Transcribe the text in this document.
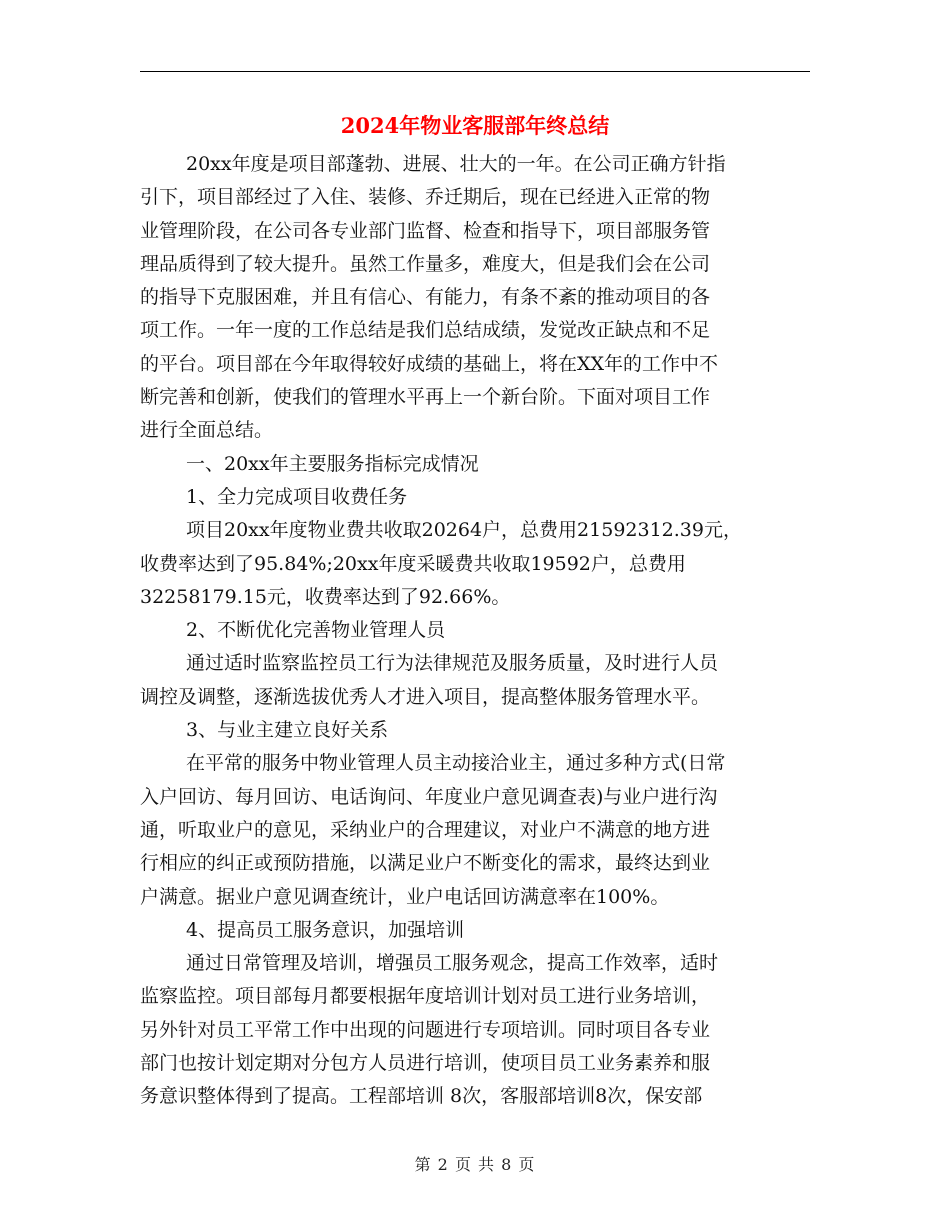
2024年物业客服部年终总结

20xx年度是项目部蓬勃、进展、壮大的一年。在公司正确方针指
引下，项目部经过了入住、装修、乔迁期后，现在已经进入正常的物
业管理阶段，在公司各专业部门监督、检查和指导下，项目部服务管
理品质得到了较大提升。虽然工作量多，难度大，但是我们会在公司
的指导下克服困难，并且有信心、有能力，有条不紊的推动项目的各
项工作。一年一度的工作总结是我们总结成绩，发觉改正缺点和不足
的平台。项目部在今年取得较好成绩的基础上，将在XX年的工作中不
断完善和创新，使我们的管理水平再上一个新台阶。下面对项目工作
进行全面总结。

一、20xx年主要服务指标完成情况

1、全力完成项目收费任务

项目20xx年度物业费共收取20264户，总费用21592312.39元，
收费率达到了95.84%;20xx年度采暖费共收取19592户，总费用
32258179.15元，收费率达到了92.66%。

2、不断优化完善物业管理人员

通过适时监察监控员工行为法律规范及服务质量，及时进行人员
调控及调整，逐渐选拔优秀人才进入项目，提高整体服务管理水平。

3、与业主建立良好关系

在平常的服务中物业管理人员主动接洽业主，通过多种方式(日常
入户回访、每月回访、电话询问、年度业户意见调查表)与业户进行沟
通，听取业户的意见，采纳业户的合理建议，对业户不满意的地方进
行相应的纠正或预防措施，以满足业户不断变化的需求，最终达到业
户满意。据业户意见调查统计，业户电话回访满意率在100%。

4、提高员工服务意识，加强培训

通过日常管理及培训，增强员工服务观念，提高工作效率，适时
监察监控。项目部每月都要根据年度培训计划对员工进行业务培训，
另外针对员工平常工作中出现的问题进行专项培训。同时项目各专业
部门也按计划定期对分包方人员进行培训，使项目员工业务素养和服
务意识整体得到了提高。工程部培训 8次，客服部培训8次，保安部

第 2 页 共 8 页
